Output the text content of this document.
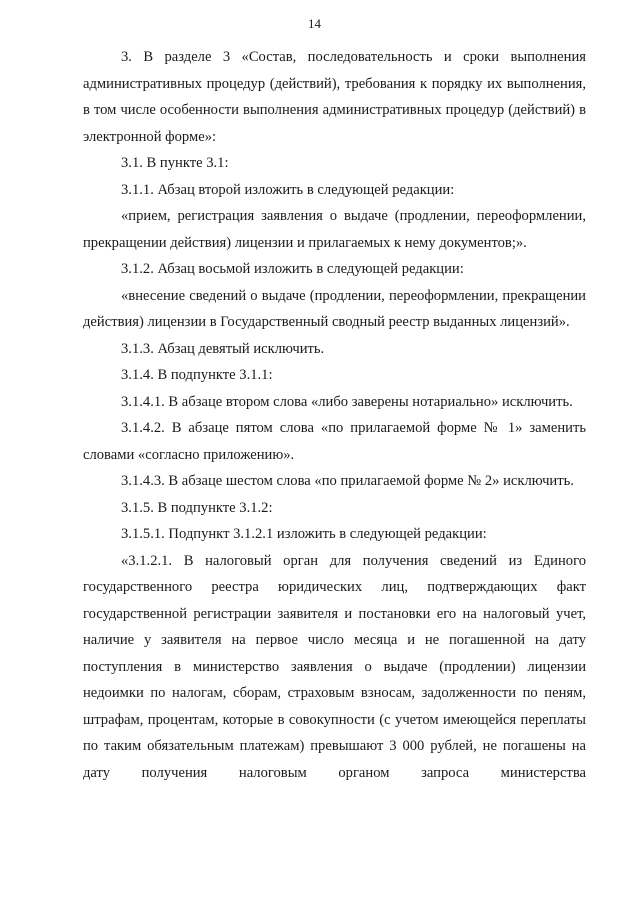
14

3. В разделе 3 «Состав, последовательность и сроки выполнения административных процедур (действий), требования к порядку их выполнения, в том числе особенности выполнения административных процедур (действий) в электронной форме»:

3.1. В пункте 3.1:

3.1.1. Абзац второй изложить в следующей редакции:

«прием, регистрация заявления о выдаче (продлении, переоформлении, прекращении действия) лицензии и прилагаемых к нему документов;».

3.1.2. Абзац восьмой изложить в следующей редакции:

«внесение сведений о выдаче (продлении, переоформлении, прекращении действия) лицензии в Государственный сводный реестр выданных лицензий».

3.1.3. Абзац девятый исключить.

3.1.4. В подпункте 3.1.1:

3.1.4.1. В абзаце втором слова «либо заверены нотариально» исключить.

3.1.4.2. В абзаце пятом слова «по прилагаемой форме № 1» заменить словами «согласно приложению».

3.1.4.3. В абзаце шестом слова «по прилагаемой форме № 2» исключить.

3.1.5. В подпункте 3.1.2:

3.1.5.1. Подпункт 3.1.2.1 изложить в следующей редакции:

«3.1.2.1. В налоговый орган для получения сведений из Единого государственного реестра юридических лиц, подтверждающих факт государственной регистрации заявителя и постановки его на налоговый учет, наличие у заявителя на первое число месяца и не погашенной на дату поступления в министерство заявления о выдаче (продлении) лицензии недоимки по налогам, сборам, страховым взносам, задолженности по пеням, штрафам, процентам, которые в совокупности (с учетом имеющейся переплаты по таким обязательным платежам) превышают 3 000 рублей, не погашены на дату получения налоговым органом запроса министерства
